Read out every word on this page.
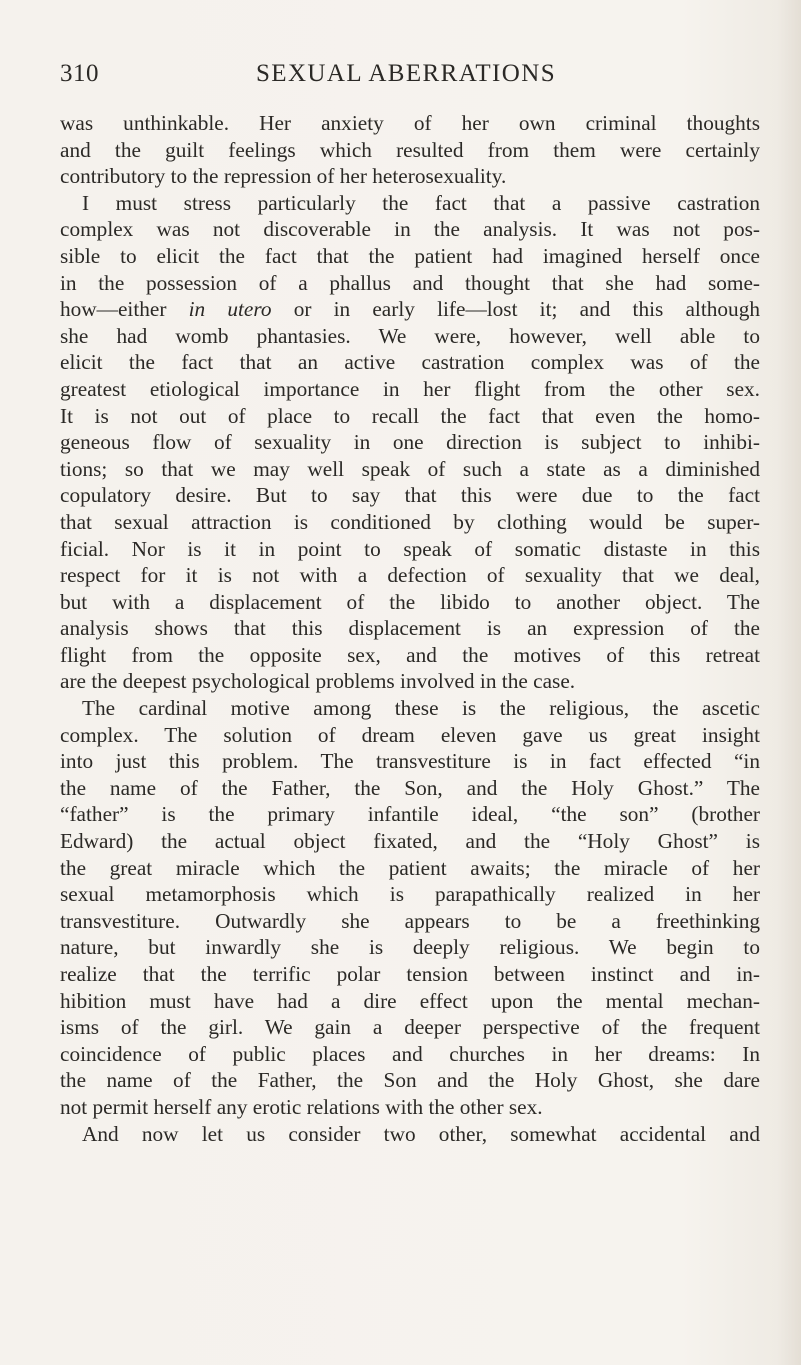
310	SEXUAL ABERRATIONS
was unthinkable. Her anxiety of her own criminal thoughts
and the guilt feelings which resulted from them were certainly
contributory to the repression of her heterosexuality.
I must stress particularly the fact that a passive castration
complex was not discoverable in the analysis. It was not pos-
sible to elicit the fact that the patient had imagined herself once
in the possession of a phallus and thought that she had some-
how—either in utero or in early life—lost it; and this although
she had womb phantasies. We were, however, well able to
elicit the fact that an active castration complex was of the
greatest etiological importance in her flight from the other sex.
It is not out of place to recall the fact that even the homo-
geneous flow of sexuality in one direction is subject to inhibi-
tions; so that we may well speak of such a state as a diminished
copulatory desire. But to say that this were due to the fact
that sexual attraction is conditioned by clothing would be super-
ficial. Nor is it in point to speak of somatic distaste in this
respect for it is not with a defection of sexuality that we deal,
but with a displacement of the libido to another object. The
analysis shows that this displacement is an expression of the
flight from the opposite sex, and the motives of this retreat
are the deepest psychological problems involved in the case.
The cardinal motive among these is the religious, the ascetic
complex. The solution of dream eleven gave us great insight
into just this problem. The transvestiture is in fact effected “in
the name of the Father, the Son, and the Holy Ghost.” The
“father” is the primary infantile ideal, “the son” (brother
Edward) the actual object fixated, and the “Holy Ghost” is
the great miracle which the patient awaits; the miracle of her
sexual metamorphosis which is parapathically realized in her
transvestiture. Outwardly she appears to be a freethinking
nature, but inwardly she is deeply religious. We begin to
realize that the terrific polar tension between instinct and in-
hibition must have had a dire effect upon the mental mechan-
isms of the girl. We gain a deeper perspective of the frequent
coincidence of public places and churches in her dreams: In
the name of the Father, the Son and the Holy Ghost, she dare
not permit herself any erotic relations with the other sex.
And now let us consider two other, somewhat accidental and
